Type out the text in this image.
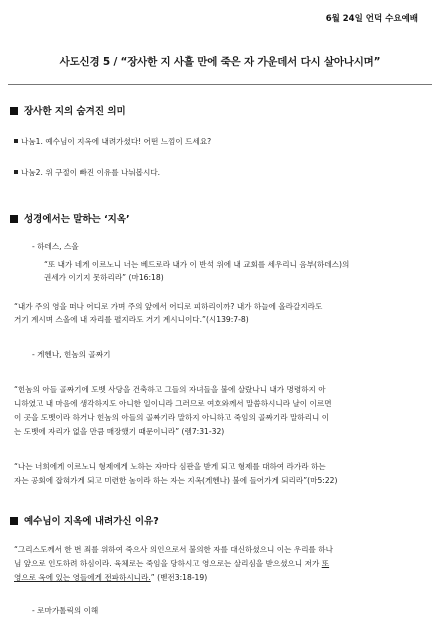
6월 24일 언덕 수요예배
사도신경 5 / “장사한 지 사흘 만에 죽은 자 가운데서 다시 살아나시며”
장사한 지의 숨겨진 의미
나눔1. 예수님이 지옥에 내려가셨다! 어떤 느낌이 드세요?
나눔2. 위 구절이 빠진 이유를 나눠봅시다.
성경에서는 말하는 ‘지옥’
- 하데스, 스올
“또 내가 네게 이르노니 너는 베드로라 내가 이 반석 위에 내 교회를 세우리니 음부(하데스)의
권세가 이기지 못하리라” (마16:18)
“내가 주의 영을 떠나 어디로 가며 주의 앞에서 어디로 피하리이까? 내가 하늘에 올라갈지라도
거기 계시며 스올에 내 자리를 펼지라도 거기 계시니이다.”(시139:7-8)
- 게헨나, 힌놈의 골짜기
“힌놈의 아들 골짜기에 도벳 사당을 건축하고 그들의 자녀들을 불에 살랐나니 내가 명령하지 아
니하였고 내 마음에 생각하지도 아니한 일이니라 그러므로 여호와께서 말씀하시니라 날이 이르면
이 곳을 도벳이라 하거나 힌놈의 아들의 골짜기라 말하지 아니하고 죽임의 골짜기라 말하리니 이
는 도벳에 자리가 없을 만큼 매장했기 때문이니라” (렘7:31-32)
“나는 너희에게 이르노니 형제에게 노하는 자마다 심판을 받게 되고 형제를 대하여 라가라 하는
자는 공회에 잡혀가게 되고 미련한 놈이라 하는 자는 지옥(게헨나) 불에 들어가게 되리라”(마5:22)
예수님이 지옥에 내려가신 이유?
“그리스도께서 한 번 죄를 위하여 죽으사 의인으로서 불의한 자를 대신하셨으니 이는 우리를 하나
님 앞으로 인도하려 하심이라. 육체로는 죽임을 당하시고 영으로는 살리심을 받으셨으니 저가 또
영으로 옥에 있는 영들에게 전파하시니라.” (벧전3:18-19)
- 로마가톨릭의 이해
